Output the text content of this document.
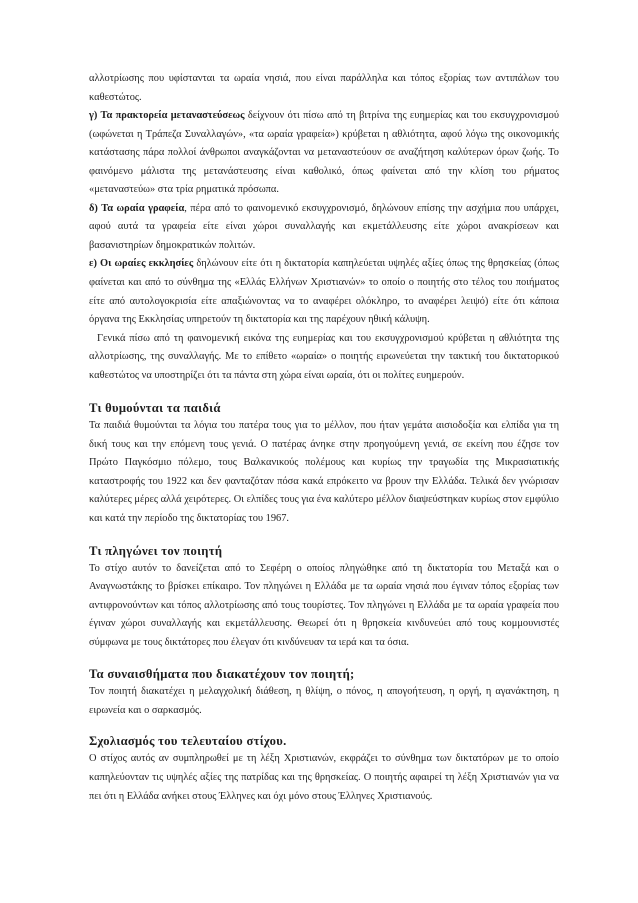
αλλοτρίωσης που υφίστανται τα ωραία νησιά, που είναι παράλληλα και τόπος εξορίας των αντιπάλων του καθεστώτος.

γ) Τα πρακτορεία μεταναστεύσεως δείχνουν ότι πίσω από τη βιτρίνα της ευημερίας και του εκσυγχρονισμού (ωφώνεται η Τράπεζα Συναλλαγών», «τα ωραία γραφεία») κρύβεται η αθλιότητα, αφού λόγω της οικονομικής κατάστασης πάρα πολλοί άνθρωποι αναγκάζονται να μεταναστεύουν σε αναζήτηση καλύτερων όρων ζωής. Το φαινόμενο μάλιστα της μετανάστευσης είναι καθολικό, όπως φαίνεται από την κλίση του ρήματος «μεταναστεύω» στα τρία ρηματικά πρόσωπα.

δ) Τα ωραία γραφεία, πέρα από το φαινομενικό εκσυγχρονισμό, δηλώνουν επίσης την ασχήμια που υπάρχει, αφού αυτά τα γραφεία είτε είναι χώροι συναλλαγής και εκμετάλλευσης είτε χώροι ανακρίσεων και βασανιστηρίων δημοκρατικών πολιτών.

ε) Οι ωραίες εκκλησίες δηλώνουν είτε ότι η δικτατορία καπηλεύεται υψηλές αξίες όπως της θρησκείας (όπως φαίνεται και από το σύνθημα της «Ελλάς Ελλήνων Χριστιανών» το οποίο ο ποιητής στο τέλος του ποιήματος είτε από αυτολογοκρισία είτε απαξιώνοντας να το αναφέρει ολόκληρο, το αναφέρει λειψό) είτε ότι κάποια όργανα της Εκκλησίας υπηρετούν τη δικτατορία και της παρέχουν ηθική κάλυψη.

Γενικά πίσω από τη φαινομενική εικόνα της ευημερίας και του εκσυγχρονισμού κρύβεται η αθλιότητα της αλλοτρίωσης, της συναλλαγής. Με το επίθετο «ωραία» ο ποιητής ειρωνεύεται την τακτική του δικτατορικού καθεστώτος να υποστηρίζει ότι τα πάντα στη χώρα είναι ωραία, ότι οι πολίτες ευημερούν.

Τι θυμούνται τα παιδιά

Τα παιδιά θυμούνται τα λόγια του πατέρα τους για το μέλλον, που ήταν γεμάτα αισιοδοξία και ελπίδα για τη δική τους και την επόμενη τους γενιά. Ο πατέρας άνηκε στην προηγούμενη γενιά, σε εκείνη που έζησε τον Πρώτο Παγκόσμιο πόλεμο, τους Βαλκανικούς πολέμους και κυρίως την τραγωδία της Μικρασιατικής καταστροφής του 1922 και δεν φανταζόταν πόσα κακά επρόκειτο να βρουν την Ελλάδα. Τελικά δεν γνώρισαν καλύτερες μέρες αλλά χειρότερες. Οι ελπίδες τους για ένα καλύτερο μέλλον διαψεύστηκαν κυρίως στον εμφύλιο και κατά την περίοδο της δικτατορίας του 1967.

Τι πληγώνει τον ποιητή

Το στίχο αυτόν το δανείζεται από το Σεφέρη ο οποίος πληγώθηκε από τη δικτατορία του Μεταξά και ο Αναγνωστάκης το βρίσκει επίκαιρο. Τον πληγώνει η Ελλάδα με τα ωραία νησιά που έγιναν τόπος εξορίας των αντιφρονούντων και τόπος αλλοτρίωσης από τους τουρίστες. Τον πληγώνει η Ελλάδα με τα ωραία γραφεία που έγιναν χώροι συναλλαγής και εκμετάλλευσης. Θεωρεί ότι η θρησκεία κινδυνεύει από τους κομμουνιστές σύμφωνα με τους δικτάτορες που έλεγαν ότι κινδύνευαν τα ιερά και τα όσια.

Τα συναισθήματα που διακατέχουν τον ποιητή;

Τον ποιητή διακατέχει η μελαγχολική διάθεση, η θλίψη, ο πόνος, η απογοήτευση, η οργή, η αγανάκτηση, η ειρωνεία και ο σαρκασμός.

Σχολιασμός του τελευταίου στίχου.

Ο στίχος αυτός αν συμπληρωθεί με τη λέξη Χριστιανών, εκφράζει το σύνθημα των δικτατόρων με το οποίο καπηλεύονταν τις υψηλές αξίες της πατρίδας και της θρησκείας. Ο ποιητής αφαιρεί τη λέξη Χριστιανών για να πει ότι η Ελλάδα ανήκει στους Έλληνες και όχι μόνο στους Έλληνες Χριστιανούς.
